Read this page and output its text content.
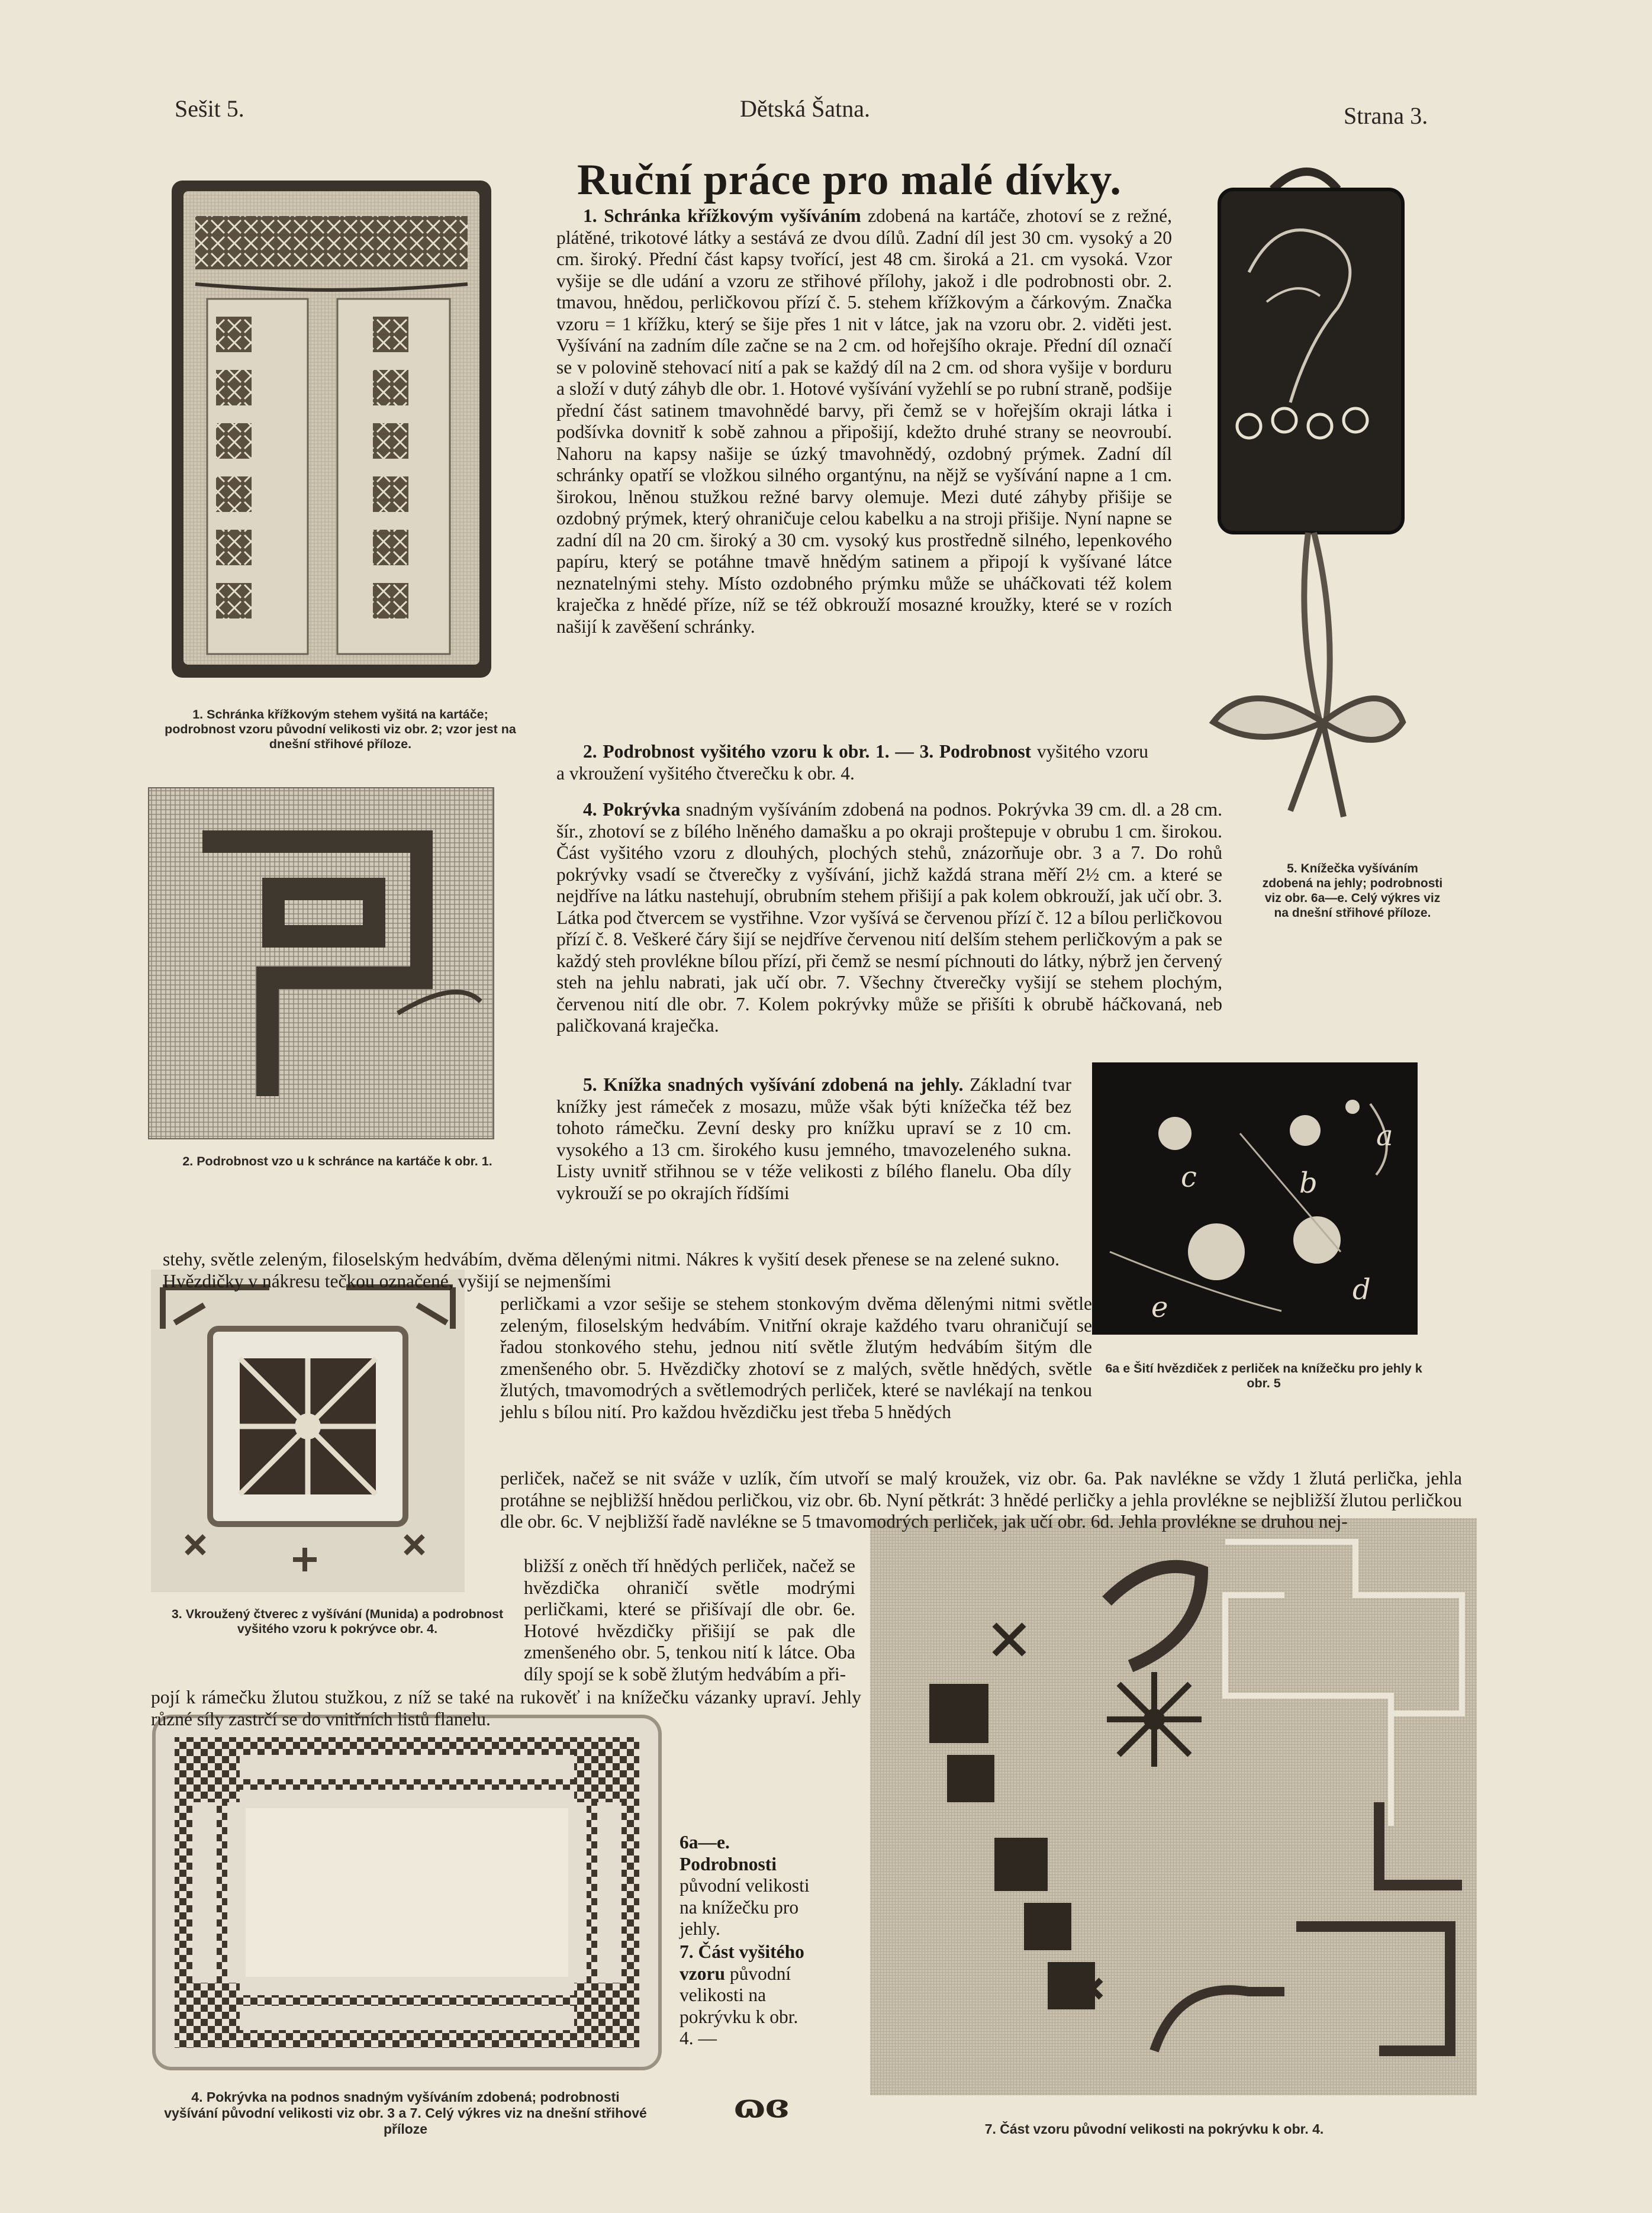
Sešit 5.	Dětská Šatna.	Strana 3.
Ruční práce pro malé dívky.
1. Schránka křížkovým stehem vyšitá na kartáče; podrobnost vzoru původní velikosti viz obr. 2; vzor jest na dnešní střihové příloze.
2. Podrobnost vzo u k schránce na kartáče k obr. 1.
3. Vkroužený čtverec z vyšívání (Munida) a podrobnost vyšitého vzoru k pokrývce obr. 4.
4. Pokrývka na podnos snadným vyšíváním zdobená; podrobnosti vyšívání původní velikosti viz obr. 3 a 7. Celý výkres viz na dnešní střihové příloze
5. Knížečka vyšíváním zdobená na jehly; podrobnosti viz obr. 6a—e. Celý výkres viz na dnešní střihové příloze.
a
b
c
d
e
6a e Šití hvězdiček z perliček na knížečku pro jehly k obr. 5
7. Část vzoru původní velikosti na pokrývku k obr. 4.

1. Schránka křížkovým vyšíváním zdobená na kartáče, zhotoví se z režné, plátěné, trikotové látky a sestává ze dvou dílů. Zadní díl jest 30 cm. vysoký a 20 cm. široký. Přední část kapsy tvořící, jest 48 cm. široká a 21. cm vysoká. Vzor vyšije se dle udání a vzoru ze střihové přílohy, jakož i dle podrobnosti obr. 2. tmavou, hnědou, perličkovou přízí č. 5. stehem křížkovým a čárkovým. Značka vzoru = 1 křížku, který se šije přes 1 nit v látce, jak na vzoru obr. 2. viděti jest. Vyšívání na zadním díle začne se na 2 cm. od hořejšího okraje. Přední díl označí se v polovině stehovací nití a pak se každý díl na 2 cm. od shora vyšije v borduru a složí v dutý záhyb dle obr. 1. Hotové vyšívání vyžehlí se po rubní straně, podšije přední část satinem tmavohnědé barvy, při čemž se v hořejším okraji látka i podšívka dovnitř k sobě zahnou a připošijí, kdežto druhé strany se neovroubí. Nahoru na kapsy našije se úzký tmavohnědý, ozdobný prýmek. Zadní díl schránky opatří se vložkou silného organtýnu, na nějž se vyšívání napne a 1 cm. širokou, lněnou stužkou režné barvy olemuje. Mezi duté záhyby přišije se ozdobný prýmek, který ohraničuje celou kabelku a na stroji přišije. Nyní napne se zadní díl na 20 cm. široký a 30 cm. vysoký kus prostředně silného, lepenkového papíru, který se potáhne tmavě hnědým satinem a připojí k vyšívané látce neznatelnými stehy. Místo ozdobného prýmku může se uháčkovati též kolem kraječka z hnědé příze, níž se též obkrouží mosazné kroužky, které se v rozích našijí k zavěšení schránky.

2. Podrobnost vyšitého vzoru k obr. 1. — 3. Podrobnost vyšitého vzoru a vkroužení vyšitého čtverečku k obr. 4.

4. Pokrývka snadným vyšíváním zdobená na podnos. Pokrývka 39 cm. dl. a 28 cm. šír., zhotoví se z bílého lněného damašku a po okraji proštepuje v obrubu 1 cm. širokou. Část vyšitého vzoru z dlouhých, plochých stehů, znázorňuje obr. 3 a 7. Do rohů pokrývky vsadí se čtverečky z vyšívání, jichž každá strana měří 2½ cm. a které se nejdříve na látku nastehují, obrubním stehem přišijí a pak kolem obkrouží, jak učí obr. 3. Látka pod čtvercem se vystřihne. Vzor vyšívá se červenou přízí č. 12 a bílou perličkovou přízí č. 8. Veškeré čáry šijí se nejdříve červenou nití delším stehem perličkovým a pak se každý steh provlékne bílou přízí, při čemž se nesmí píchnouti do látky, nýbrž jen červený steh na jehlu nabrati, jak učí obr. 7. Všechny čtverečky vyšijí se stehem plochým, červenou nití dle obr. 7. Kolem pokrývky může se přišíti k obrubě háčkovaná, neb paličkovaná kraječka.

5. Knížka snadných vyšívání zdobená na jehly. Základní tvar knížky jest rámeček z mosazu, může však býti knížečka též bez tohoto rámečku. Zevní desky pro knížku upraví se z 10 cm. vysokého a 13 cm. širokého kusu jemného, tmavozeleného sukna. Listy uvnitř střihnou se v téže velikosti z bílého flanelu. Oba díly vykrouží se po okrajích řídšími

stehy, světle zeleným, filoselským hedvábím, dvěma dělenými nitmi. Nákres k vyšití desek přenese se na zelené sukno. Hvězdičky v nákresu tečkou označené, vyšijí se nejmenšími

perličkami a vzor sešije se stehem stonkovým dvěma dělenými nitmi světle zeleným, filoselským hedvábím. Vnitřní okraje každého tvaru ohraničují se řadou stonkového stehu, jednou nití světle žlutým hedvábím šitým dle zmenšeného obr. 5. Hvězdičky zhotoví se z malých, světle hnědých, světle žlutých, tmavomodrých a světlemodrých perliček, které se navlékají na tenkou jehlu s bílou nití. Pro každou hvězdičku jest třeba 5 hnědých

perliček, načež se nit sváže v uzlík, čím utvoří se malý kroužek, viz obr. 6a. Pak navlékne se vždy 1 žlutá perlička, jehla protáhne se nejbližší hnědou perličkou, viz obr. 6b. Nyní pětkrát: 3 hnědé perličky a jehla provlékne se nejbližší žlutou perličkou dle obr. 6c. V nejbližší řadě navlékne se 5 tmavomodrých perliček, jak učí obr. 6d. Jehla provlékne se druhou nej-

bližší z oněch tří hnědých perliček, načež se hvězdička ohraničí světle modrými perličkami, které se přišívají dle obr. 6e. Hotové hvězdičky přišijí se pak dle zmenšeného obr. 5, tenkou nití k látce. Oba díly spojí se k sobě žlutým hedvábím a při-

pojí k rámečku žlutou stužkou, z níž se také na rukověť i na knížečku vázanky upraví. Jehly různé síly zastrčí se do vnitřních listů flanelu.

6a—e. Podrobnosti původní velikosti na knížečku pro jehly.

7. Část vyšitého vzoru původní velikosti na pokrývku k obr. 4. —

ɷɞ
